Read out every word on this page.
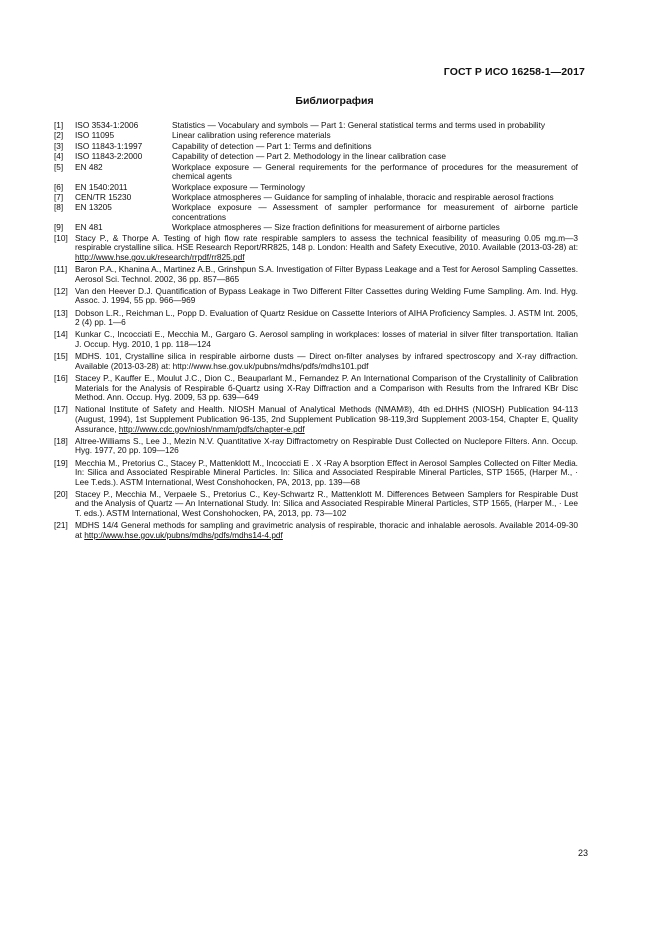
ГОСТ Р ИСО 16258-1—2017
Библиография
[1]	ISO 3534-1:2006	Statistics — Vocabulary and symbols — Part 1: General statistical terms and terms used in probability
[2]	ISO 11095	Linear calibration using reference materials
[3]	ISO 11843-1:1997	Capability of detection — Part 1: Terms and definitions
[4]	ISO 11843-2:2000	Capability of detection — Part 2. Methodology in the linear calibration case
[5]	EN 482	Workplace exposure — General requirements for the performance of procedures for the measurement of chemical agents
[6]	EN 1540:2011	Workplace exposure — Terminology
[7]	CEN/TR 15230	Workplace atmospheres — Guidance for sampling of inhalable, thoracic and respirable aerosol fractions
[8]	EN 13205	Workplace exposure — Assessment of sampler performance for measurement of airborne particle concentrations
[9]	EN 481	Workplace atmospheres — Size fraction definitions for measurement of airborne particles
[10] Stacy P., & Thorpe A. Testing of high flow rate respirable samplers to assess the technical feasibility of measuring 0.05 mg.m—3 respirable crystalline silica. HSE Research Report/RR825, 148 p. London: Health and Safety Executive, 2010. Available (2013-03-28) at: http://www.hse.gov.uk/research/rrpdf/rr825.pdf
[11] Baron P.A., Khanina A., Martinez A.B., Grinshpun S.A. Investigation of Filter Bypass Leakage and a Test for Aerosol Sampling Cassettes. Aerosol Sci. Technol. 2002, 36 pp. 857—865
[12] Van den Heever D.J. Quantification of Bypass Leakage in Two Different Filter Cassettes during Welding Fume Sampling. Am. Ind. Hyg. Assoc. J. 1994, 55 pp. 966—969
[13] Dobson L.R., Reichman L., Popp D. Evaluation of Quartz Residue on Cassette Interiors of AIHA Proficiency Samples. J. ASTM Int. 2005, 2 (4) pp. 1—6
[14] Kunkar C., Incocciati E., Mecchia M., Gargaro G. Aerosol sampling in workplaces: losses of material in silver filter transportation. Italian J. Occup. Hyg. 2010, 1 pp. 118—124
[15] MDHS. 101, Crystalline silica in respirable airborne dusts — Direct on-filter analyses by infrared spectroscopy and X-ray diffraction. Available (2013-03-28) at: http://www.hse.gov.uk/pubns/mdhs/pdfs/mdhs101.pdf
[16] Stacey P., Kauffer E., Moulut J.C., Dion C., Beauparlant M., Fernandez P. An International Comparison of the Crystallinity of Calibration Materials for the Analysis of Respirable б-Quartz using X-Ray Diffraction and a Comparison with Results from the Infrared KBr Disc Method. Ann. Occup. Hyg. 2009, 53 pp. 639—649
[17] National Institute of Safety and Health. NIOSH Manual of Analytical Methods (NMAM®), 4th ed.DHHS (NIOSH) Publication 94-113 (August, 1994), 1st Supplement Publication 96-135, 2nd Supplement Publication 98-119,3rd Supplement 2003-154, Chapter E, Quality Assurance, http://www.cdc.gov/niosh/nmam/pdfs/chapter-e.pdf
[18] Altree-Williams S., Lee J., Mezin N.V. Quantitative X-ray Diffractometry on Respirable Dust Collected on Nuclepore Filters. Ann. Occup. Hyg. 1977, 20 pp. 109—126
[19] Mecchia M., Pretorius C., Stacey P., Mattenklott M., Incocciati E . X -Ray A bsorption Effect in Aerosol Samples Collected on Filter Media. In: Silica and Associated Respirable Mineral Particles. In: Silica and Associated Respirable Mineral Particles, STP 1565, (Harper M., · Lee T.eds.). ASTM International, West Conshohocken, PA, 2013, pp. 139—68
[20] Stacey P., Mecchia M., Verpaele S., Pretorius C., Key-Schwartz R., Mattenklott M. Differences Between Samplers for Respirable Dust and the Analysis of Quartz — An International Study. In: Silica and Associated Respirable Mineral Particles, STP 1565, (Harper M., · Lee T. eds.). ASTM International, West Conshohocken, PA, 2013, pp. 73—102
[21] MDHS 14/4 General methods for sampling and gravimetric analysis of respirable, thoracic and inhalable aerosols. Available 2014-09-30 at http://www.hse.gov.uk/pubns/mdhs/pdfs/mdhs14-4.pdf
23
